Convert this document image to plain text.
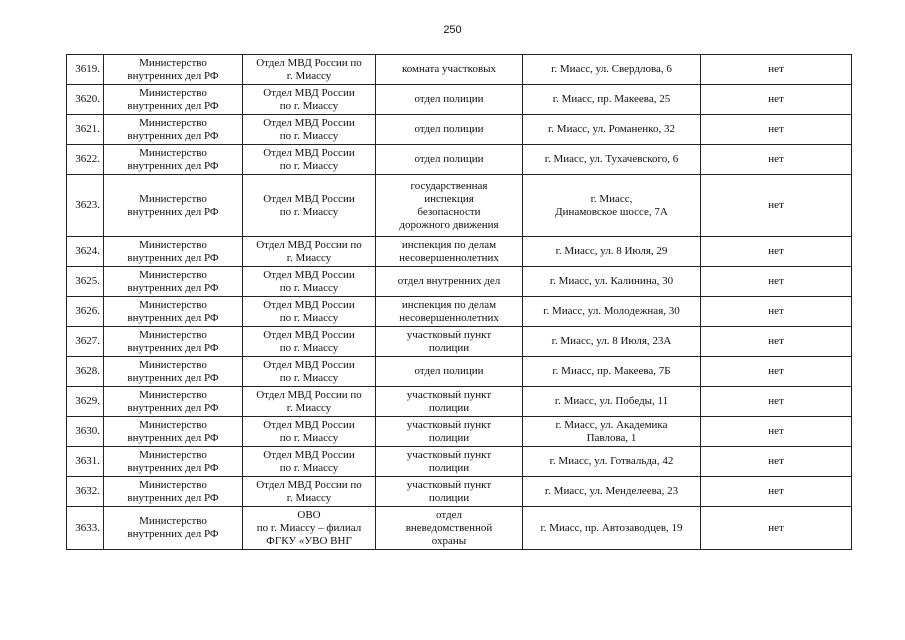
250
3619.	Министерство
внутренних дел РФ	Отдел МВД России по
г. Миассу	комната участковых	г. Миасс, ул. Свердлова, 6	нет
3620.	Министерство
внутренних дел РФ	Отдел МВД России
по г. Миассу	отдел полиции	г. Миасс, пр. Макеева, 25	нет
3621.	Министерство
внутренних дел РФ	Отдел МВД России
по г. Миассу	отдел полиции	г. Миасс, ул. Романенко, 32	нет
3622.	Министерство
внутренних дел РФ	Отдел МВД России
по г. Миассу	отдел полиции	г. Миасс, ул. Тухачевского, 6	нет
3623.	Министерство
внутренних дел РФ	Отдел МВД России
по г. Миассу	государственная
инспекция
безопасности
дорожного движения	г. Миасс,
Динамовское шоссе, 7А	нет
3624.	Министерство
внутренних дел РФ	Отдел МВД России по
г. Миассу	инспекция по делам
несовершеннолетних	г. Миасс, ул. 8 Июля, 29	нет
3625.	Министерство
внутренних дел РФ	Отдел МВД России
по г. Миассу	отдел внутренних дел	г. Миасс, ул. Калинина, 30	нет
3626.	Министерство
внутренних дел РФ	Отдел МВД России
по г. Миассу	инспекция по делам
несовершеннолетних	г. Миасс, ул. Молодежная, 30	нет
3627.	Министерство
внутренних дел РФ	Отдел МВД России
по г. Миассу	участковый пункт
полиции	г. Миасс, ул. 8 Июля, 23А	нет
3628.	Министерство
внутренних дел РФ	Отдел МВД России
по г. Миассу	отдел полиции	г. Миасс, пр. Макеева, 7Б	нет
3629.	Министерство
внутренних дел РФ	Отдел МВД России по
г. Миассу	участковый пункт
полиции	г. Миасс, ул. Победы, 11	нет
3630.	Министерство
внутренних дел РФ	Отдел МВД России
по г. Миассу	участковый пункт
полиции	г. Миасс, ул. Академика
Павлова, 1	нет
3631.	Министерство
внутренних дел РФ	Отдел МВД России
по г. Миассу	участковый пункт
полиции	г. Миасс, ул. Готвальда, 42	нет
3632.	Министерство
внутренних дел РФ	Отдел МВД России по
г. Миассу	участковый пункт
полиции	г. Миасс, ул. Менделеева, 23	нет
3633.	Министерство
внутренних дел РФ	ОВО
по г. Миассу – филиал
ФГКУ «УВО ВНГ	отдел
вневедомственной
охраны	г. Миасс, пр. Автозаводцев, 19	нет
